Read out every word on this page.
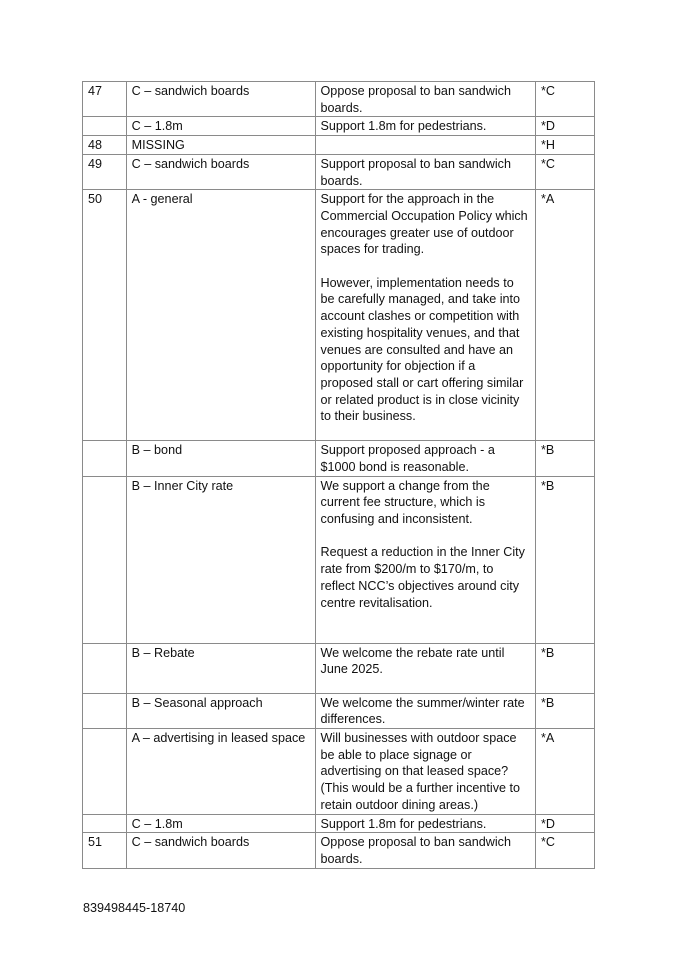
47	C – sandwich boards	Oppose proposal to ban sandwich boards.	*C
	C – 1.8m	Support 1.8m for pedestrians.	*D
48	MISSING		*H
49	C – sandwich boards	Support proposal to ban sandwich boards.	*C
50	A - general	Support for the approach in the Commercial Occupation Policy which encourages greater use of outdoor spaces for trading.

However, implementation needs to be carefully managed, and take into account clashes or competition with existing hospitality venues, and that venues are consulted and have an opportunity for objection if a proposed stall or cart offering similar or related product is in close vicinity to their business.	*A
	B – bond	Support proposed approach - a $1000 bond is reasonable.	*B
	B – Inner City rate	We support a change from the current fee structure, which is confusing and inconsistent.

Request a reduction in the Inner City rate from $200/m to $170/m, to reflect NCC’s objectives around city centre revitalisation.	*B
	B – Rebate	We welcome the rebate rate until June 2025.	*B
	B – Seasonal approach	We welcome the summer/winter rate differences.	*B
	A – advertising in leased space	Will businesses with outdoor space be able to place signage or advertising on that leased space? (This would be a further incentive to retain outdoor dining areas.)	*A
	C – 1.8m	Support 1.8m for pedestrians.	*D
51	C – sandwich boards	Oppose proposal to ban sandwich boards.	*C
839498445-18740
